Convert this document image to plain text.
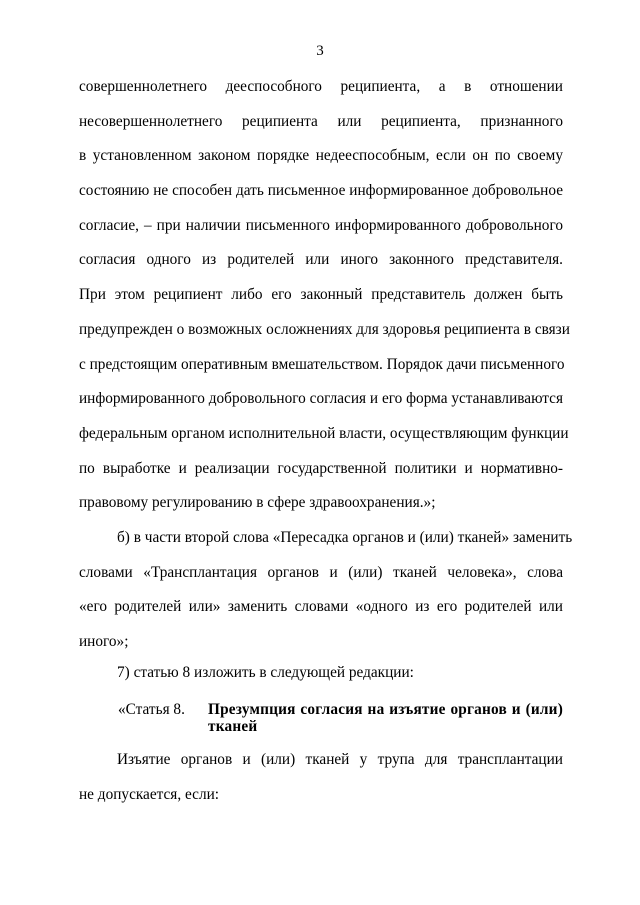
3
совершеннолетнего дееспособного реципиента, а в отношении
несовершеннолетнего реципиента или реципиента, признанного
в установленном законом порядке недееспособным, если он по своему
состоянию не способен дать письменное информированное добровольное
согласие, – при наличии письменного информированного добровольного
согласия одного из родителей или иного законного представителя.
При этом реципиент либо его законный представитель должен быть
предупрежден о возможных осложнениях для здоровья реципиента в связи
с предстоящим оперативным вмешательством. Порядок дачи письменного
информированного добровольного согласия и его форма устанавливаются
федеральным органом исполнительной власти, осуществляющим функции
по выработке и реализации государственной политики и нормативно-
правовому регулированию в сфере здравоохранения.»;
б) в части второй слова «Пересадка органов и (или) тканей» заменить
словами «Трансплантация органов и (или) тканей человека», слова
«его родителей или» заменить словами «одного из его родителей или
иного»;
7) статью 8 изложить в следующей редакции:
«Статья 8. Презумпция согласия на изъятие органов и (или) тканей
Изъятие органов и (или) тканей у трупа для трансплантации
не допускается, если:
